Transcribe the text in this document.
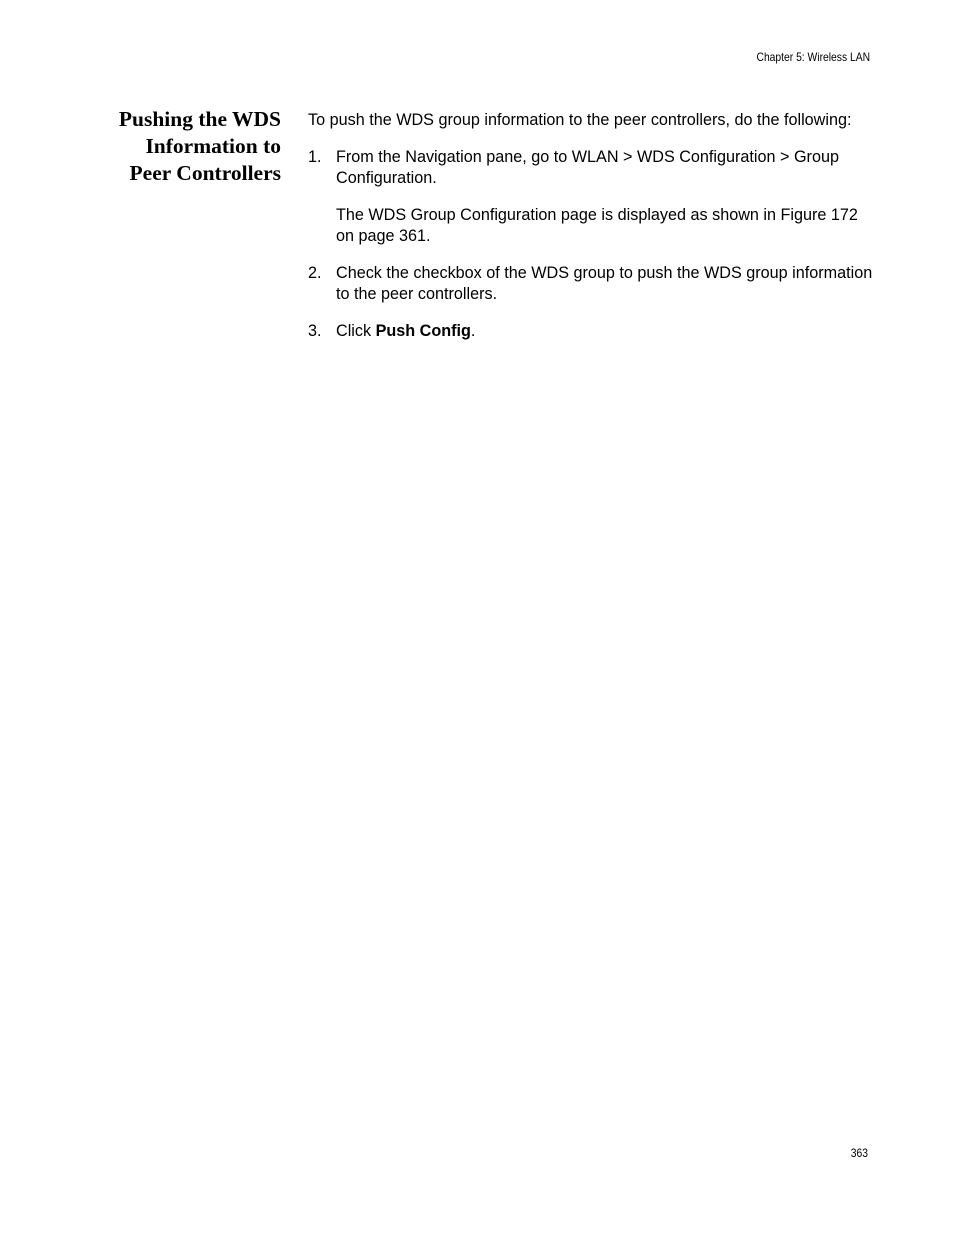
Chapter 5: Wireless LAN
Pushing the WDS
Information to
Peer Controllers

To push the WDS group information to the peer controllers, do the following:

1. From the Navigation pane, go to WLAN > WDS Configuration > Group Configuration.

The WDS Group Configuration page is displayed as shown in Figure 172 on page 361.

2. Check the checkbox of the WDS group to push the WDS group information to the peer controllers.

3. Click Push Config.

363
